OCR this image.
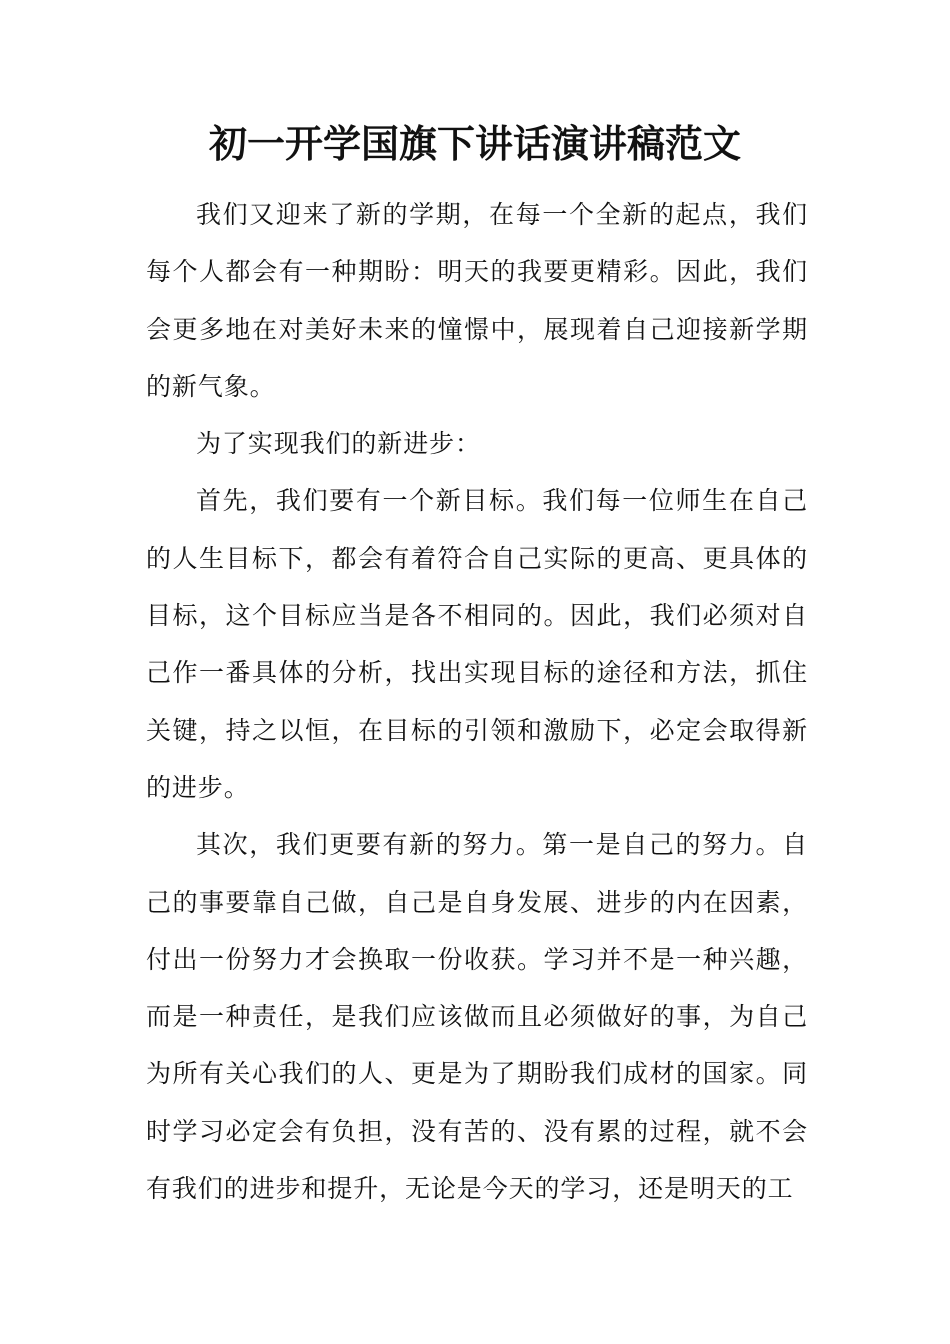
初一开学国旗下讲话演讲稿范文

我们又迎来了新的学期，在每一个全新的起点，我们每个人都会有一种期盼：明天的我要更精彩。因此，我们会更多地在对美好未来的憧憬中，展现着自己迎接新学期的新气象。

为了实现我们的新进步：

首先，我们要有一个新目标。我们每一位师生在自己的人生目标下，都会有着符合自己实际的更高、更具体的目标，这个目标应当是各不相同的。因此，我们必须对自己作一番具体的分析，找出实现目标的途径和方法，抓住关键，持之以恒，在目标的引领和激励下，必定会取得新的进步。

其次，我们更要有新的努力。第一是自己的努力。自己的事要靠自己做，自己是自身发展、进步的内在因素，付出一份努力才会换取一份收获。学习并不是一种兴趣，而是一种责任，是我们应该做而且必须做好的事，为自己为所有关心我们的人、更是为了期盼我们成材的国家。同时学习必定会有负担，没有苦的、没有累的过程，就不会有我们的进步和提升，无论是今天的学习，还是明天的工
